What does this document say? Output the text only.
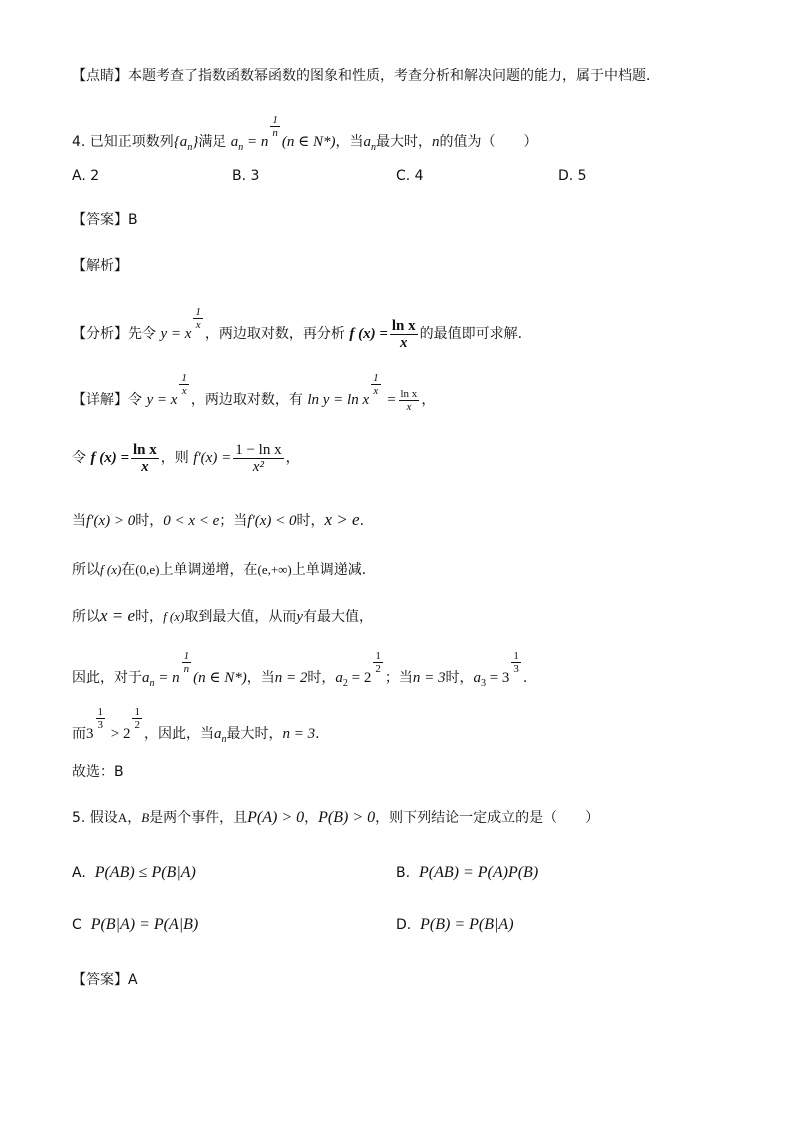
【点睛】本题考查了指数函数幂函数的图象和性质，考查分析和解决问题的能力，属于中档题．
4. 已知正项数列$\{a_n\}$满足 $a_n = n$
$\frac{1}{n}$
(n ∈ N*)，当$a_n$最大时，n的值为（　　）
A. 2	B. 3	C. 4	D. 5
【答案】B
【解析】
【分析】先令 y = x
$\frac{1}{x}$
，两边取对数，再分析 f $(x) = \frac{\text{ln x}}{x}$ 的最值即可求解.
【详解】令 y = x
$\frac{1}{x}$
，两边取对数，有 ln y = ln x
$\frac{1}{x}$
= $\frac{\text{ln x}}{x}$ ，
令 f $(x) = \frac{\text{ln x}}{x}$ ，则 $f'(x) = \frac{\text{1 − ln x}}{\text{x²}}$ ，
当f′(x) > 0时，0 < x < e；当f′(x) < 0时，x > e.
所以f (x)在(0,e)上单调递增，在(e,+∞)上单调递减.
所以x = e时，f (x)取到最大值，从而y有最大值，
因此，对于$a_n = n$
$\frac{1}{n}$
(n ∈ N*)，当n = 2时，$a_2 = 2$
$\frac{1}{2}$
；当n = 3时，$a_3 = 3$
$\frac{1}{3}$
.
而3
$\frac{1}{3}$
> 2
$\frac{1}{2}$
，因此，当$a_n$最大时，n = 3.
故选：B
5. 假设A，B是两个事件，且P(A) > 0，P(B) > 0，则下列结论一定成立的是（　　）
A. P(AB) ≤ P(B|A)	B. P(AB) = P(A)P(B)
C P(B|A) = P(A|B)	D. P(B) = P(B|A)
【答案】A
